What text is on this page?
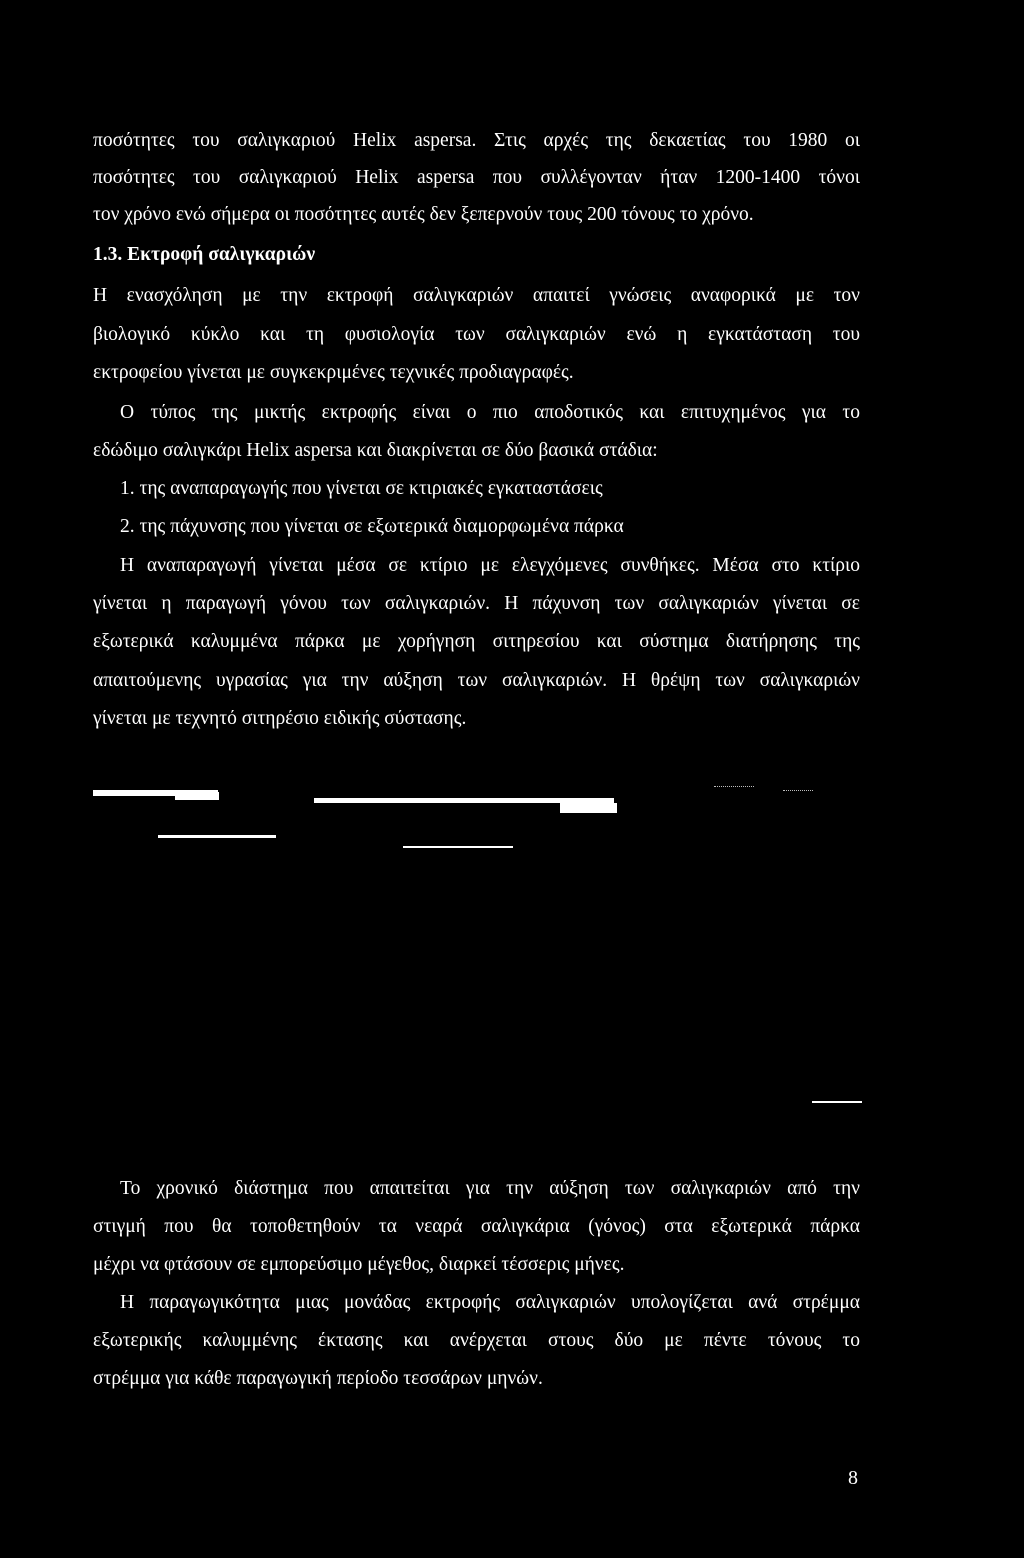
ποσότητες του σαλιγκαριού Helix aspersa. Στις αρχές της δεκαετίας του 1980 οι
ποσότητες του σαλιγκαριού Helix aspersa που συλλέγονταν ήταν 1200-1400 τόνοι
τον χρόνο ενώ σήμερα οι ποσότητες αυτές δεν ξεπερνούν τους 200 τόνους το χρόνο.
1.3. Εκτροφή σαλιγκαριών
Η ενασχόληση με την εκτροφή σαλιγκαριών απαιτεί γνώσεις αναφορικά με τον
βιολογικό κύκλο και τη φυσιολογία των σαλιγκαριών ενώ η εγκατάσταση του
εκτροφείου γίνεται με συγκεκριμένες τεχνικές προδιαγραφές.
Ο τύπος της μικτής εκτροφής είναι ο πιο αποδοτικός και επιτυχημένος για το
εδώδιμο σαλιγκάρι Helix aspersa και διακρίνεται σε δύο βασικά στάδια:
1. της αναπαραγωγής που γίνεται σε κτιριακές εγκαταστάσεις
2. της πάχυνσης που γίνεται σε εξωτερικά διαμορφωμένα πάρκα
Η αναπαραγωγή γίνεται μέσα σε κτίριο με ελεγχόμενες συνθήκες. Μέσα στο κτίριο
γίνεται η παραγωγή γόνου των σαλιγκαριών. Η πάχυνση των σαλιγκαριών γίνεται σε
εξωτερικά καλυμμένα πάρκα με χορήγηση σιτηρεσίου και σύστημα διατήρησης της
απαιτούμενης υγρασίας για την αύξηση των σαλιγκαριών. Η θρέψη των σαλιγκαριών
γίνεται με τεχνητό σιτηρέσιο ειδικής σύστασης.
Το χρονικό διάστημα που απαιτείται για την αύξηση των σαλιγκαριών από την
στιγμή που θα τοποθετηθούν τα νεαρά σαλιγκάρια (γόνος) στα εξωτερικά πάρκα
μέχρι να φτάσουν σε εμπορεύσιμο μέγεθος, διαρκεί τέσσερις μήνες.
Η παραγωγικότητα μιας μονάδας εκτροφής σαλιγκαριών υπολογίζεται ανά στρέμμα
εξωτερικής καλυμμένης έκτασης και ανέρχεται στους δύο με πέντε τόνους το
στρέμμα για κάθε παραγωγική περίοδο τεσσάρων μηνών.
8
